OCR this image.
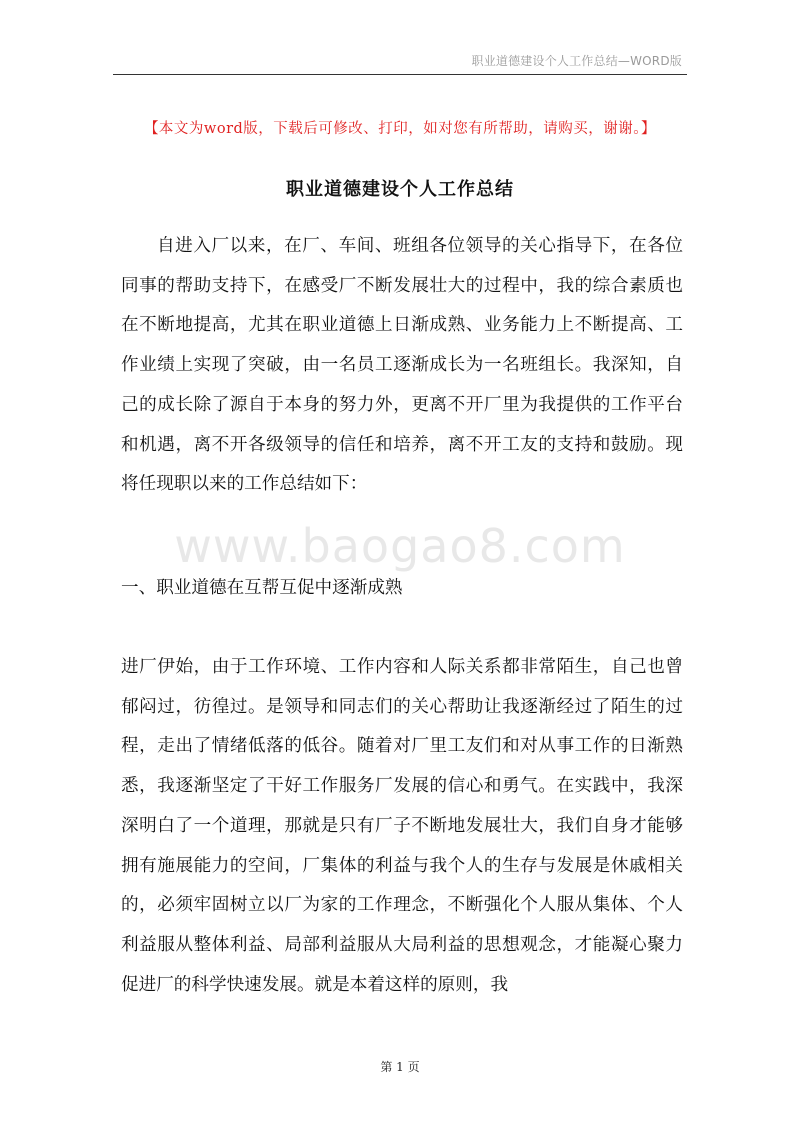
职业道德建设个人工作总结—WORD版
【本文为word版，下载后可修改、打印，如对您有所帮助，请购买，谢谢。】
职业道德建设个人工作总结

自进入厂以来，在厂、车间、班组各位领导的关心指导下，在各位同事的帮助支持下，在感受厂不断发展壮大的过程中，我的综合素质也在不断地提高，尤其在职业道德上日渐成熟、业务能力上不断提高、工作业绩上实现了突破，由一名员工逐渐成长为一名班组长。我深知，自己的成长除了源自于本身的努力外，更离不开厂里为我提供的工作平台和机遇，离不开各级领导的信任和培养，离不开工友的支持和鼓励。现将任现职以来的工作总结如下：

www.baogao8.com

一、职业道德在互帮互促中逐渐成熟

进厂伊始，由于工作环境、工作内容和人际关系都非常陌生，自己也曾郁闷过，彷徨过。是领导和同志们的关心帮助让我逐渐经过了陌生的过程，走出了情绪低落的低谷。随着对厂里工友们和对从事工作的日渐熟悉，我逐渐坚定了干好工作服务厂发展的信心和勇气。在实践中，我深深明白了一个道理，那就是只有厂子不断地发展壮大，我们自身才能够拥有施展能力的空间，厂集体的利益与我个人的生存与发展是休戚相关的，必须牢固树立以厂为家的工作理念，不断强化个人服从集体、个人利益服从整体利益、局部利益服从大局利益的思想观念，才能凝心聚力促进厂的科学快速发展。就是本着这样的原则，我

第 1 页
